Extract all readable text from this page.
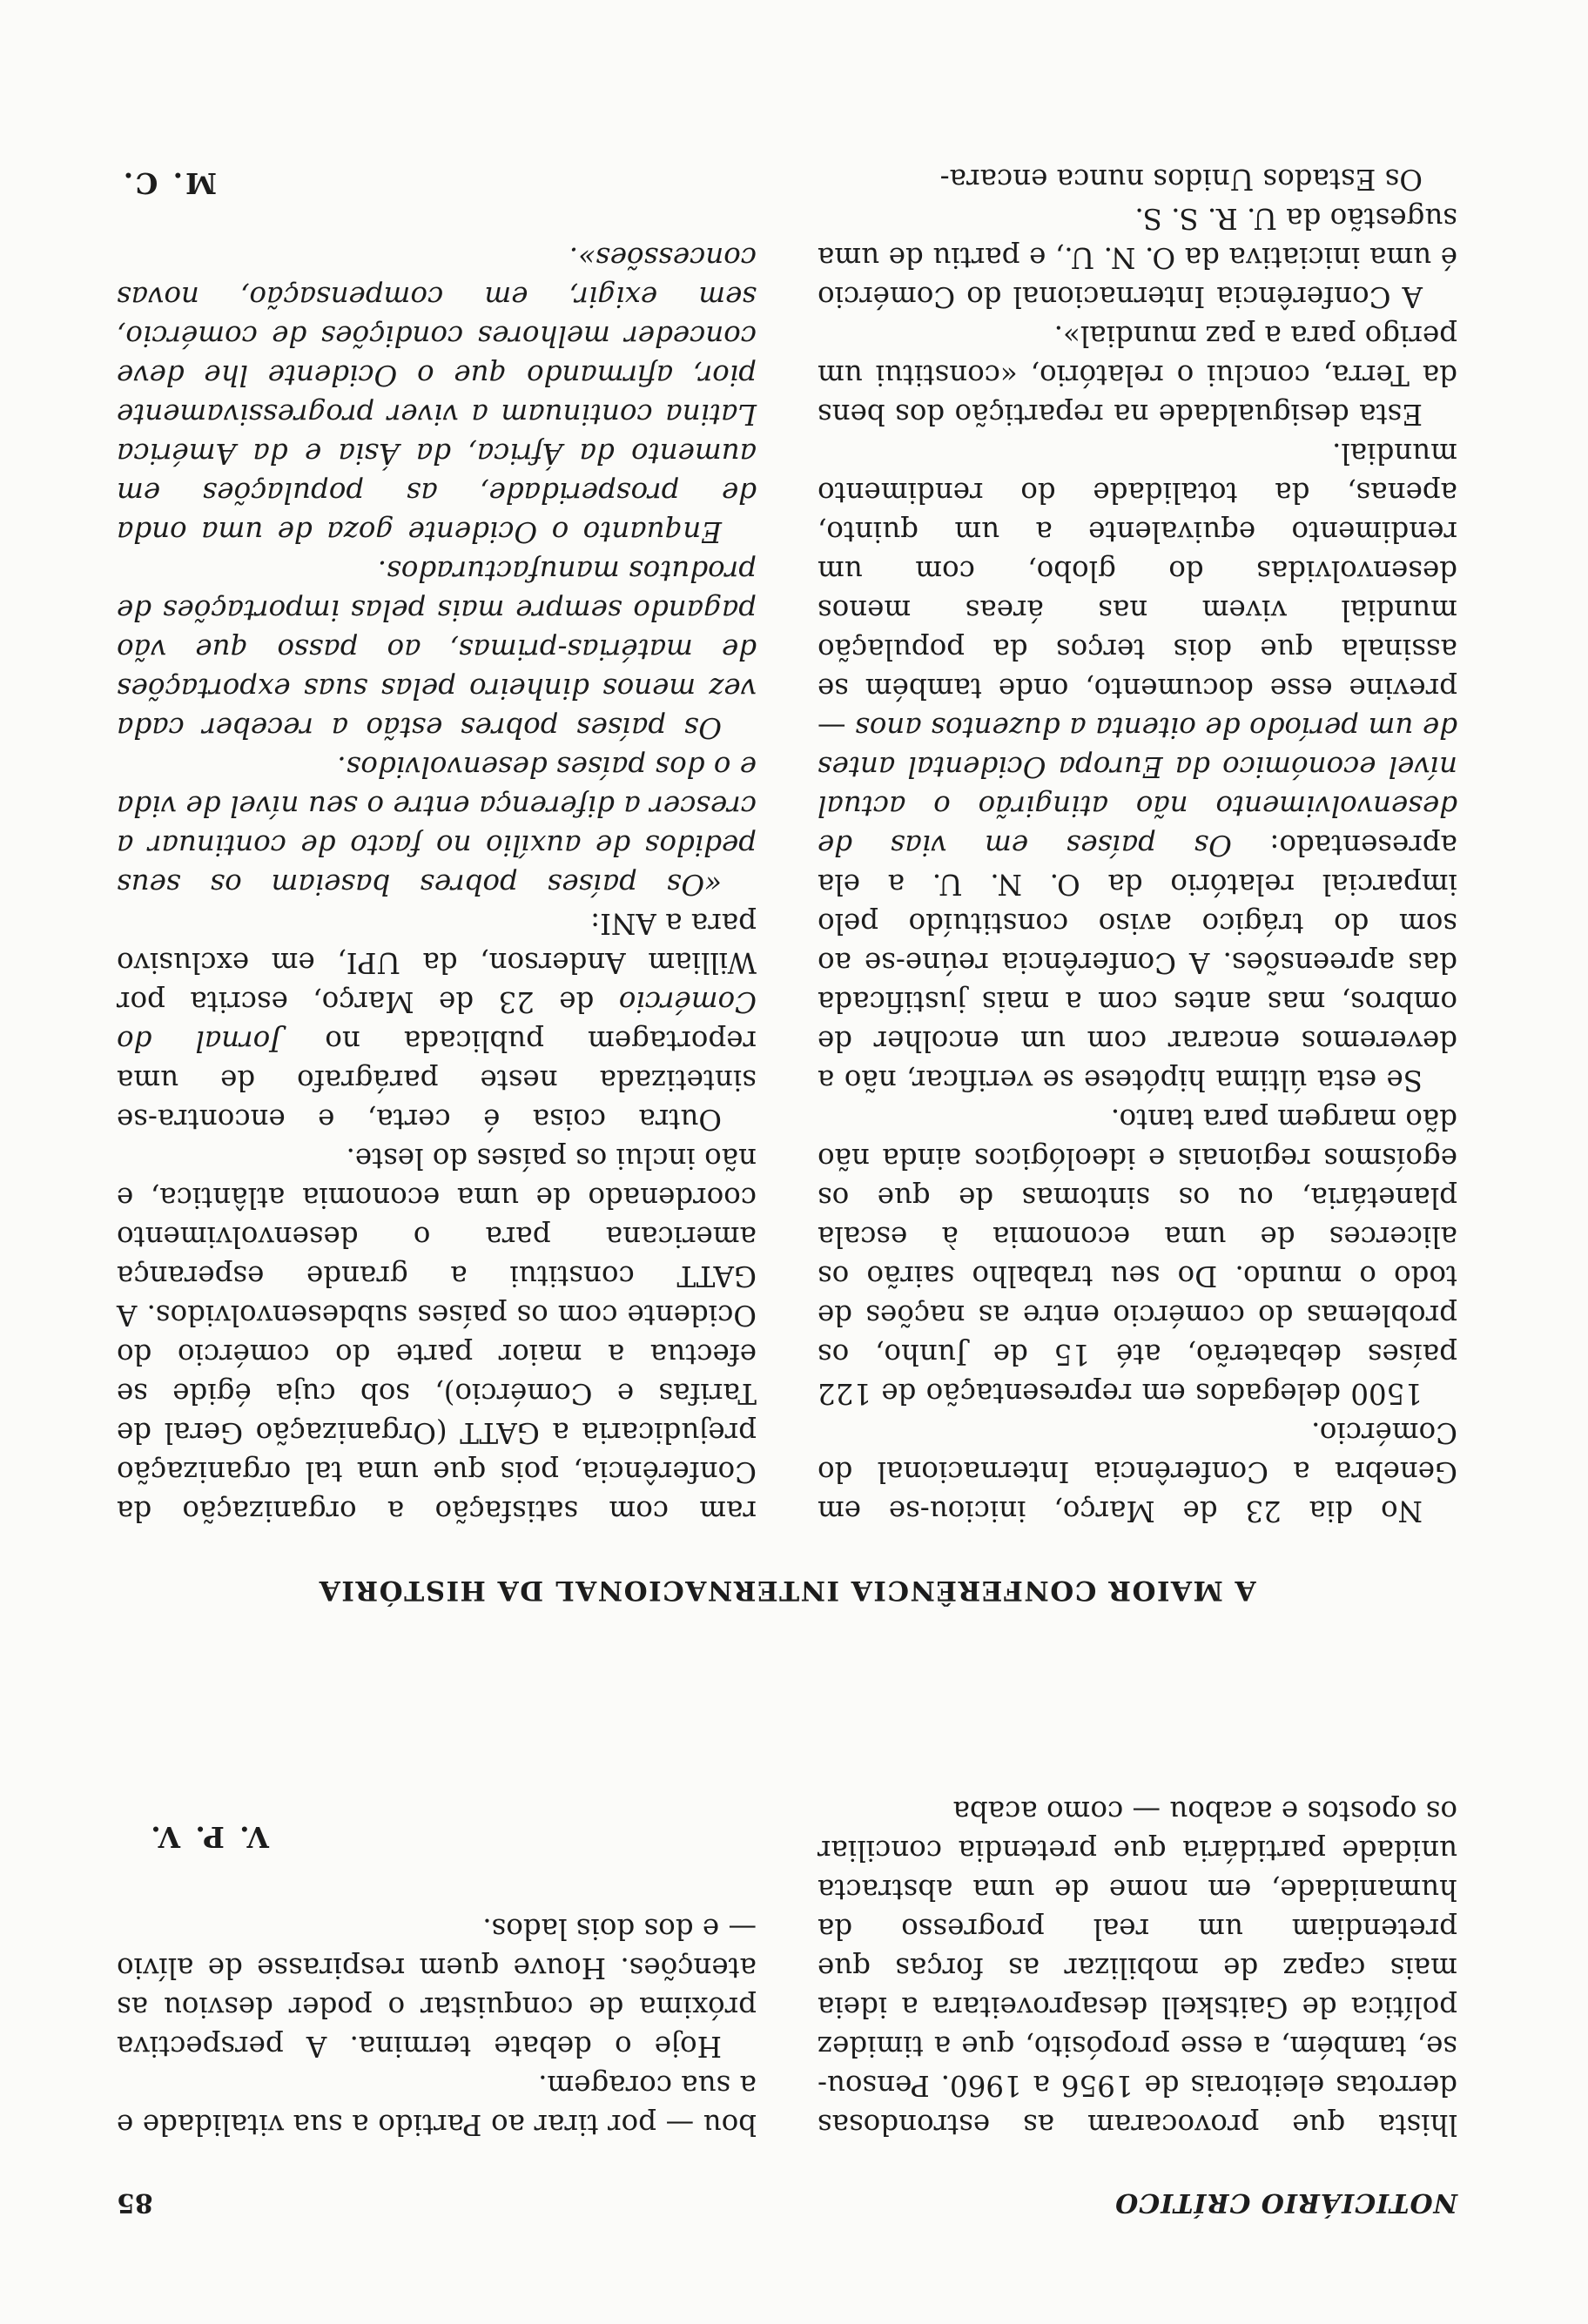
NOTICIÁRIO CRÍTICO
85

lhista que provocaram as estrondosas derrotas eleitorais de 1956 a 1960. Pensou-se, também, a esse propósito, que a timidez política de Gaitskell desaproveitara a ideia mais capaz de mobilizar as forças que pretendiam um real progresso da humanidade, em nome de uma abstracta unidade partidária que pretendia conciliar os opostos e acabou — como acaba

bou — por tirar ao Partido a sua vitalidade e a sua coragem.

Hoje o debate termina. A perspectiva próxima de conquistar o poder desviou as atenções. Houve quem respirasse de alívio — e dos dois lados.

V. P. V.

A MAIOR CONFERÊNCIA INTERNACIONAL DA HISTÓRIA

No dia 23 de Março, iniciou-se em Genebra a Conferência Internacional do Comércio.

1500 delegados em representação de 122 países debaterão, até 15 de Junho, os problemas do comércio entre as nações de todo o mundo. Do seu trabalho sairão os alicerces de uma economia à escala planetária, ou os sintomas de que os egoísmos regionais e ideológicos ainda não dão margem para tanto.

Se esta última hipótese se verificar, não a deveremos encarar com um encolher de ombros, mas antes com a mais justificada das apreensões. A Conferência reúne-se ao som do trágico aviso constituído pelo imparcial relatório da O. N. U. a ela apresentado: Os países em vias de desenvolvimento não atingirão o actual nível económico da Europa Ocidental antes de um período de oitenta a duzentos anos — previne esse documento, onde também se assinala que dois terços da população mundial vivem nas áreas menos desenvolvidas do globo, com um rendimento equivalente a um quinto, apenas, da totalidade do rendimento mundial.

Esta desigualdade na repartição dos bens da Terra, conclui o relatório, «constitui um perigo para a paz mundial».

A Conferência Internacional do Comércio é uma iniciativa da O. N. U., e partiu de uma sugestão da U. R. S. S.

Os Estados Unidos nunca encara-

ram com satisfação a organização da Conferência, pois que uma tal organização prejudicaria a GATT (Organização Geral de Tarifas e Comércio), sob cuja égide se efectua a maior parte do comércio do Ocidente com os países subdesenvolvidos. A GATT constitui a grande esperança americana para o desenvolvimento coordenado de uma economia atlântica, e não inclui os países do leste.

Outra coisa é certa, e encontra-se sintetizada neste parágrafo de uma reportagem publicada no Jornal do Comércio de 23 de Março, escrita por William Anderson, da UPI, em exclusivo para a ANI:

«Os países pobres baseiam os seus pedidos de auxílio no facto de continuar a crescer a diferença entre o seu nível de vida e o dos países desenvolvidos.

Os países pobres estão a receber cada vez menos dinheiro pelas suas exportações de matérias-primas, ao passo que vão pagando sempre mais pelas importações de produtos manufacturados.

Enquanto o Ocidente goza de uma onda de prosperidade, as populações em aumento da África, da Ásia e da América Latina continuam a viver progressivamente pior, afirmando que o Ocidente lhe deve conceder melhores condições de comércio, sem exigir, em compensação, novas concessões».

M. C.
